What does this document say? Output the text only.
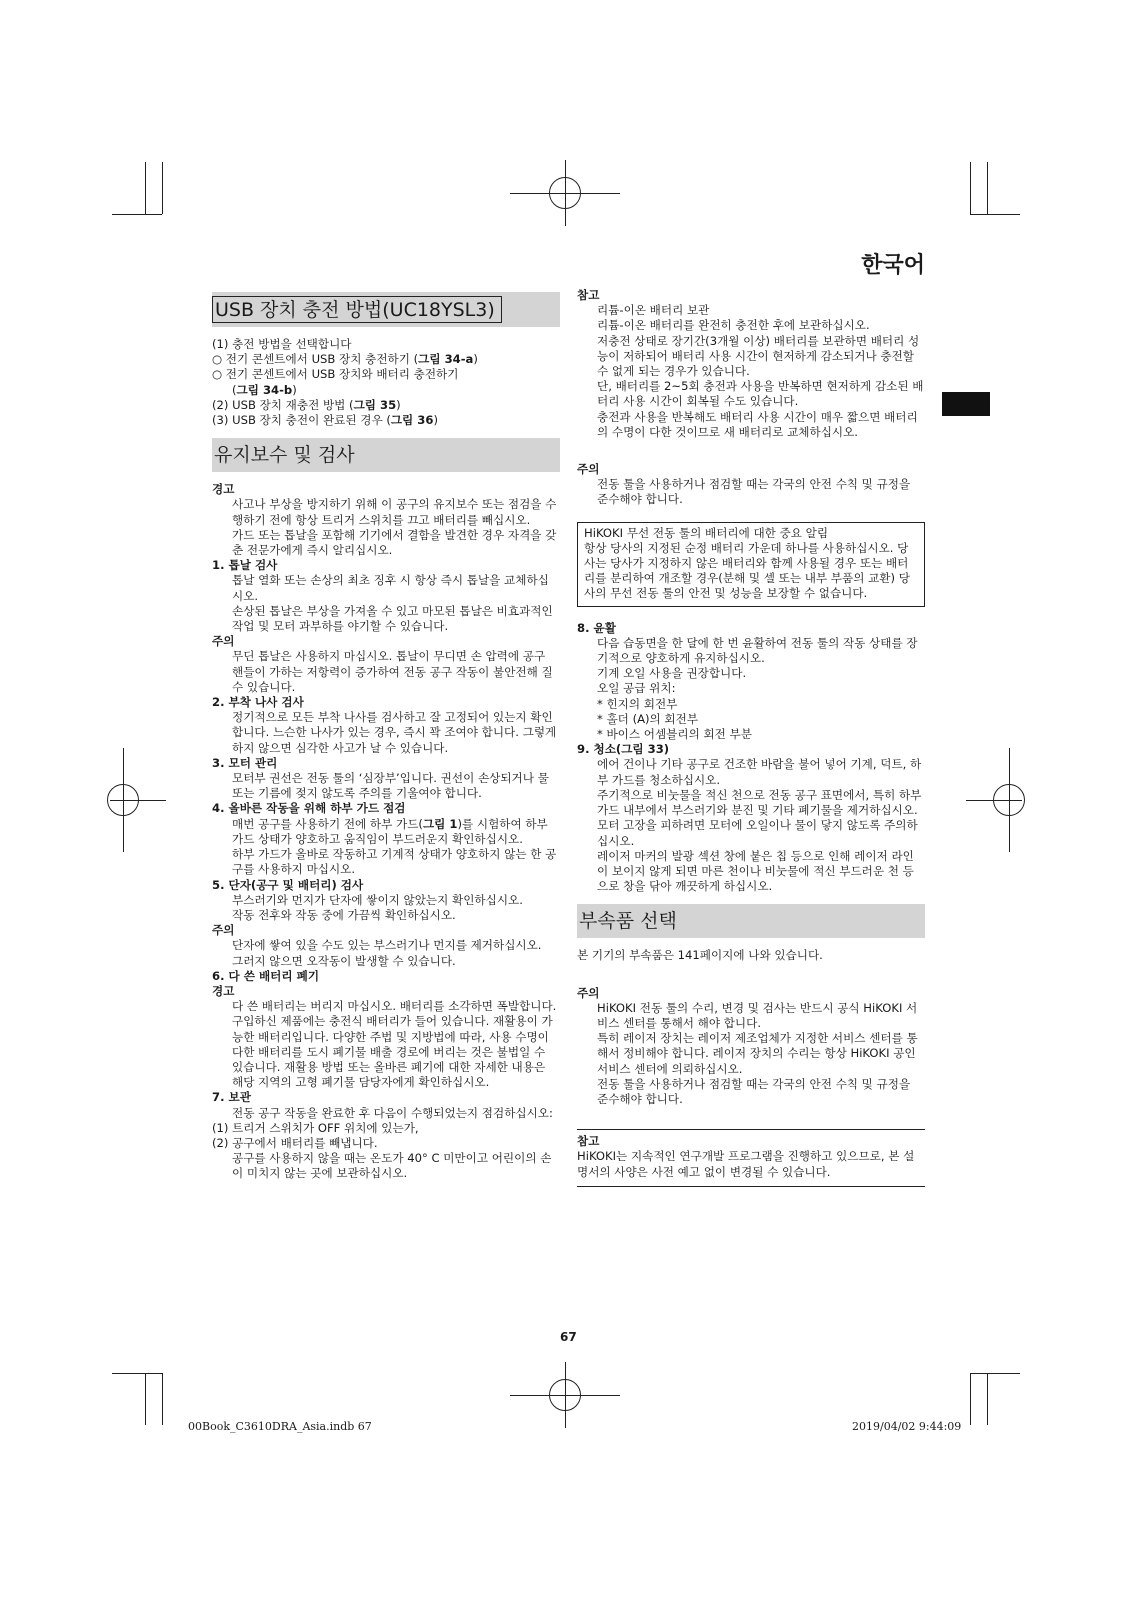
한국어
USB 장치 충전 방법(UC18YSL3)

(1) 충전 방법을 선택합니다

○ 전기 콘센트에서 USB 장치 충전하기 (그림 34-a)

○ 전기 콘센트에서 USB 장치와 배터리 충전하기

(그림 34-b)

(2) USB 장치 재충전 방법 (그림 35)

(3) USB 장치 충전이 완료된 경우 (그림 36)

유지보수 및 검사

경고

사고나 부상을 방지하기 위해 이 공구의 유지보수 또는 점검을 수행하기 전에 항상 트리거 스위치를 끄고 배터리를 빼십시오.

가드 또는 톱날을 포함해 기기에서 결함을 발견한 경우 자격을 갖춘 전문가에게 즉시 알리십시오.

1. 톱날 검사

톱날 열화 또는 손상의 최초 징후 시 항상 즉시 톱날을 교체하십시오.

손상된 톱날은 부상을 가져올 수 있고 마모된 톱날은 비효과적인 작업 및 모터 과부하를 야기할 수 있습니다.

주의

무딘 톱날은 사용하지 마십시오. 톱날이 무디면 손 압력에 공구 핸들이 가하는 저항력이 증가하여 전동 공구 작동이 불안전해 질 수 있습니다.

2. 부착 나사 검사

정기적으로 모든 부착 나사를 검사하고 잘 고정되어 있는지 확인합니다. 느슨한 나사가 있는 경우, 즉시 꽉 조여야 합니다. 그렇게 하지 않으면 심각한 사고가 날 수 있습니다.

3. 모터 관리

모터부 권선은 전동 툴의 ‘심장부’입니다. 권선이 손상되거나 물 또는 기름에 젖지 않도록 주의를 기울여야 합니다.

4. 올바른 작동을 위해 하부 가드 점검

매번 공구를 사용하기 전에 하부 가드(그림 1)를 시험하여 하부 가드 상태가 양호하고 움직임이 부드러운지 확인하십시오.

하부 가드가 올바로 작동하고 기계적 상태가 양호하지 않는 한 공구를 사용하지 마십시오.

5. 단자(공구 및 배터리) 검사

부스러기와 먼지가 단자에 쌓이지 않았는지 확인하십시오.

작동 전후와 작동 중에 가끔씩 확인하십시오.

주의

단자에 쌓여 있을 수도 있는 부스러기나 먼지를 제거하십시오.

그러지 않으면 오작동이 발생할 수 있습니다.

6. 다 쓴 배터리 폐기

경고

다 쓴 배터리는 버리지 마십시오. 배터리를 소각하면 폭발합니다. 구입하신 제품에는 충전식 배터리가 들어 있습니다. 재활용이 가능한 배터리입니다. 다양한 주법 및 지방법에 따라, 사용 수명이 다한 배터리를 도시 폐기물 배출 경로에 버리는 것은 불법일 수 있습니다. 재활용 방법 또는 올바른 폐기에 대한 자세한 내용은 해당 지역의 고형 폐기물 담당자에게 확인하십시오.

7. 보관

전동 공구 작동을 완료한 후 다음이 수행되었는지 점검하십시오:

(1) 트리거 스위치가 OFF 위치에 있는가,

(2) 공구에서 배터리를 빼냅니다.

공구를 사용하지 않을 때는 온도가 40° C 미만이고 어린이의 손이 미치지 않는 곳에 보관하십시오.

참고

리튬-이온 배터리 보관

리튬-이온 배터리를 완전히 충전한 후에 보관하십시오.

저충전 상태로 장기간(3개월 이상) 배터리를 보관하면 배터리 성능이 저하되어 배터리 사용 시간이 현저하게 감소되거나 충전할 수 없게 되는 경우가 있습니다.

단, 배터리를 2~5회 충전과 사용을 반복하면 현저하게 감소된 배터리 사용 시간이 회복될 수도 있습니다.

충전과 사용을 반복해도 배터리 사용 시간이 매우 짧으면 배터리의 수명이 다한 것이므로 새 배터리로 교체하십시오.

주의

전동 툴을 사용하거나 점검할 때는 각국의 안전 수칙 및 규정을 준수해야 합니다.

HiKOKI 무선 전동 툴의 배터리에 대한 중요 알림

항상 당사의 지정된 순정 배터리 가운데 하나를 사용하십시오. 당사는 당사가 지정하지 않은 배터리와 함께 사용될 경우 또는 배터리를 분리하여 개조할 경우(분해 및 셀 또는 내부 부품의 교환) 당사의 무선 전동 툴의 안전 및 성능을 보장할 수 없습니다.

8. 윤활

다음 습동면을 한 달에 한 번 윤활하여 전동 툴의 작동 상태를 장기적으로 양호하게 유지하십시오.

기계 오일 사용을 권장합니다.

오일 공급 위치:

* 힌지의 회전부

* 홀더 (A)의 회전부

* 바이스 어셈블리의 회전 부분

9. 청소(그림 33)

에어 건이나 기타 공구로 건조한 바람을 불어 넣어 기계, 덕트, 하부 가드를 청소하십시오.

주기적으로 비눗물을 적신 천으로 전동 공구 표면에서, 특히 하부 가드 내부에서 부스러기와 분진 및 기타 폐기물을 제거하십시오. 모터 고장을 피하려면 모터에 오일이나 물이 닿지 않도록 주의하십시오.

레이저 마커의 발광 섹션 창에 붙은 칩 등으로 인해 레이저 라인이 보이지 않게 되면 마른 천이나 비눗물에 적신 부드러운 천 등으로 창을 닦아 깨끗하게 하십시오.

부속품 선택

본 기기의 부속품은 141페이지에 나와 있습니다.

주의

HiKOKI 전동 툴의 수리, 변경 및 검사는 반드시 공식 HiKOKI 서비스 센터를 통해서 해야 합니다.

특히 레이저 장치는 레이저 제조업체가 지정한 서비스 센터를 통해서 정비해야 합니다. 레이저 장치의 수리는 항상 HiKOKI 공인 서비스 센터에 의뢰하십시오.

전동 툴을 사용하거나 점검할 때는 각국의 안전 수칙 및 규정을 준수해야 합니다.

참고

HiKOKI는 지속적인 연구개발 프로그램을 진행하고 있으므로, 본 설명서의 사양은 사전 예고 없이 변경될 수 있습니다.

67
00Book_C3610DRA_Asia.indb 67	2019/04/02 9:44:09
